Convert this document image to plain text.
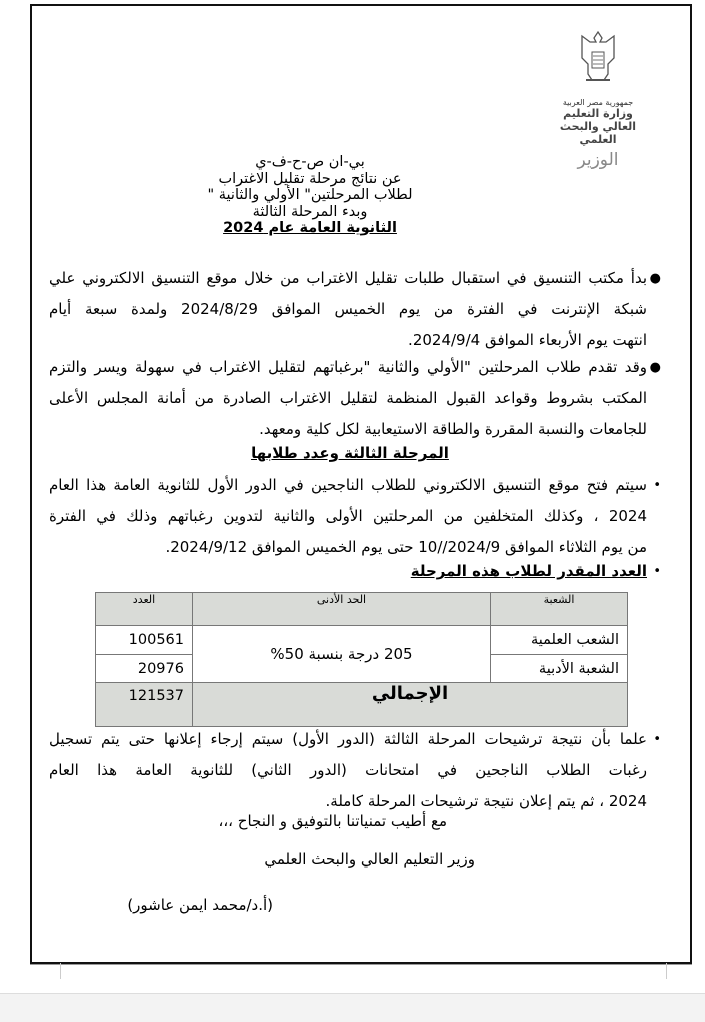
جمهورية مصر العربية
وزارة التعليم العالي والبحث العلمي
الوزير
بي-ان ص-ح-ف-ي
عن نتائج مرحلة تقليل الاغتراب
لطلاب المرحلتين" الأولي والثانية "
وبدء المرحلة الثالثة
الثانوية العامة عام 2024
●
بدأ مكتب التنسيق في استقبال طلبات تقليل الاغتراب من خلال موقع التنسيق الالكتروني علي
شبكة الإنترنت في الفترة من يوم الخميس الموافق 2024/8/29 ولمدة سبعة أيام
انتهت يوم الأربعاء الموافق 2024/9/4.
●
وقد تقدم طلاب المرحلتين "الأولي والثانية "برغباتهم لتقليل الاغتراب في سهولة ويسر والتزم
المكتب بشروط وقواعد القبول المنظمة لتقليل الاغتراب الصادرة من أمانة المجلس الأعلى
للجامعات والنسبة المقررة والطاقة الاستيعابية لكل كلية ومعهد.
المرحلة الثالثة وعدد طلابها
•
سيتم فتح موقع التنسيق الالكتروني للطلاب الناجحين في الدور الأول للثانوية العامة هذا العام
2024 ، وكذلك المتخلفين من المرحلتين الأولى والثانية لتدوين رغباتهم وذلك في الفترة
من يوم الثلاثاء الموافق 2024/9//10 حتى يوم الخميس الموافق 2024/9/12.
•
العدد المقدر لطلاب هذه المرحلة
الشعبة	الحد الأدنى	العدد
الشعب العلمية	205 درجة بنسبة 50%	100561
الشعبة الأدبية		20976
الإجمالي		121537
•
علما بأن نتيجة ترشيحات المرحلة الثالثة (الدور الأول) سيتم إرجاء إعلانها حتى يتم تسجيل
رغبات الطلاب الناجحين في امتحانات (الدور الثاني) للثانوية العامة هذا العام
2024 ، ثم يتم إعلان نتيجة ترشيحات المرحلة كاملة.
مع أطيب تمنياتنا بالتوفيق و النجاح ،،،
وزير التعليم العالي والبحث العلمي
(أ.د/محمد ايمن عاشور)
